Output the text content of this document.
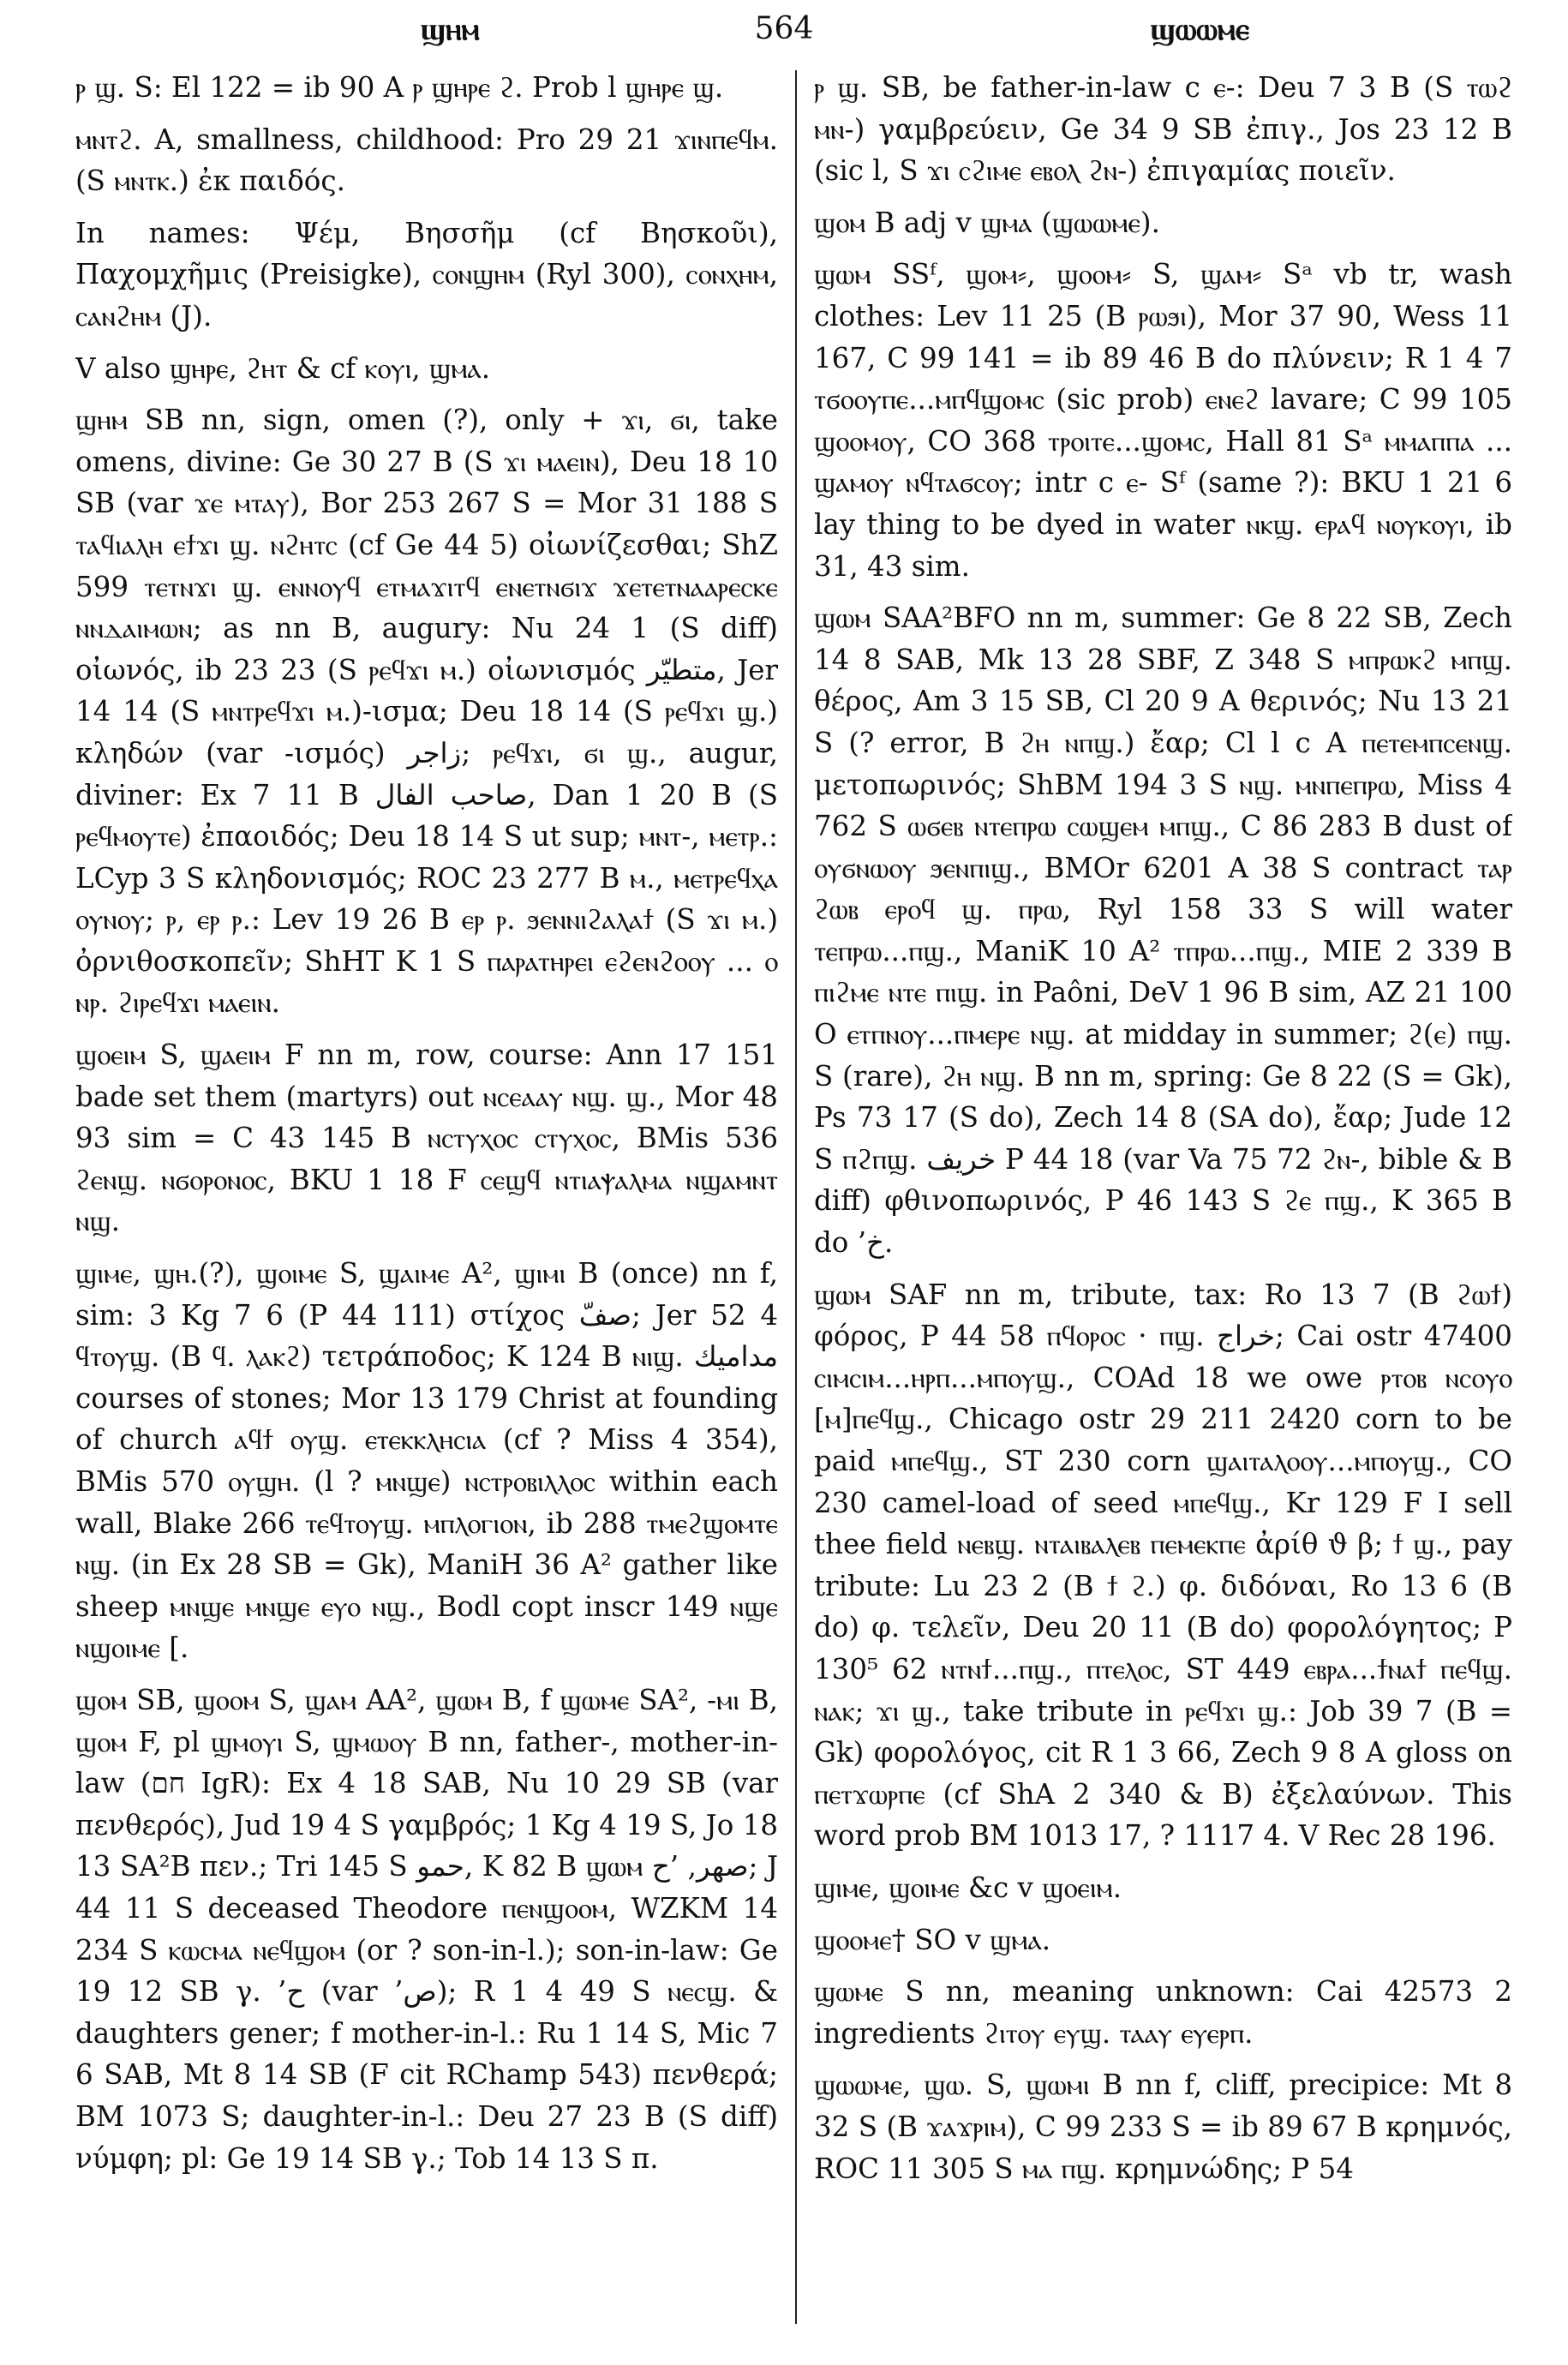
ϣⲏⲙ	564	ϣⲱⲱⲙⲉ

ⲣ ϣ. S: El 122 = ib 90 A ⲣ ϣⲏⲣⲉ ϩ. Prob l ϣⲏⲣⲉ ϣ.

ⲙⲛⲧϩ. A, smallness, childhood: Pro 29 21 ϫⲓⲛⲡⲉϥⲙ. (S ⲙⲛⲧⲕ.) ἐκ παιδός.

In names: Ψέμ, Βησσῆμ (cf Βησκοῦι), Παχομχῆμις (Preisigke), ⲥⲟⲛϣⲏⲙ (Ryl 300), ⲥⲟⲛⲭⲏⲙ, ⲥⲁⲛϩⲏⲙ (J).

V also ϣⲏⲣⲉ, ϩⲏⲧ & cf ⲕⲟⲩⲓ, ϣⲙⲁ.

ϣⲏⲙ SB nn, sign, omen (?), only + ϫⲓ, ϭⲓ, take omens, divine: Ge 30 27 B (S ϫⲓ ⲙⲁⲉⲓⲛ), Deu 18 10 SB (var ϫⲉ ⲙⲧⲁⲩ), Bor 253 267 S = Mor 31 188 S ⲧⲁϥⲓⲁⲗⲏ ⲉϯϫⲓ ϣ. ⲛϩⲏⲧⲥ (cf Ge 44 5) οἰωνίζεσθαι; ShZ 599 ⲧⲉⲧⲛϫⲓ ϣ. ⲉⲛⲛⲟⲩϥ ⲉⲧⲙⲁϫⲓⲧϥ ⲉⲛⲉⲧⲛϭⲓϫ ϫⲉⲧⲉⲧⲛⲁⲁⲣⲉⲥⲕⲉ ⲛⲛⲇⲁⲓⲙⲱⲛ; as nn B, augury: Nu 24 1 (S diff) οἰωνός, ib 23 23 (S ⲣⲉϥϫⲓ ⲙ.) οἰωνισμός متطيّر, Jer 14 14 (S ⲙⲛⲧⲣⲉϥϫⲓ ⲙ.)-ισμα; Deu 18 14 (S ⲣⲉϥϫⲓ ϣ.) κληδών (var -ισμός) زاجر; ⲣⲉϥϫⲓ, ϭⲓ ϣ., augur, diviner: Ex 7 11 B صاحب الفال, Dan 1 20 B (S ⲣⲉϥⲙⲟⲩⲧⲉ) ἐπαοιδός; Deu 18 14 S ut sup; ⲙⲛⲧ-, ⲙⲉⲧⲣ.: LCyp 3 S κληδονισμός; ROC 23 277 B ⲙ., ⲙⲉⲧⲣⲉϥⲭⲁ ⲟⲩⲛⲟⲩ; ⲣ, ⲉⲣ ⲣ.: Lev 19 26 B ⲉⲣ ⲣ. ϧⲉⲛⲛⲓϩⲁⲗⲁϯ (S ϫⲓ ⲙ.) ὀρνιθοσκοπεῖν; ShHT K 1 S ⲡⲁⲣⲁⲧⲏⲣⲉⲓ ⲉϩⲉⲛϩⲟⲟⲩ ... ⲟ ⲛⲣ. ϩⲓⲣⲉϥϫⲓ ⲙⲁⲉⲓⲛ.

ϣⲟⲉⲓⲙ S, ϣⲁⲉⲓⲙ F nn m, row, course: Ann 17 151 bade set them (martyrs) out ⲛⲥⲉⲁⲁⲩ ⲛϣ. ϣ., Mor 48 93 sim = C 43 145 B ⲛⲥⲧⲩⲭⲟⲥ ⲥⲧⲩⲭⲟⲥ, BMis 536 ϩⲉⲛϣ. ⲛϭⲟⲣⲟⲛⲟⲥ, BKU 1 18 F ⲥⲉϣϥ ⲛⲧⲓⲁⲯⲁⲗⲙⲁ ⲛϣⲁⲙⲛⲧ ⲛϣ.

ϣⲓⲙⲉ, ϣⲏ.(?), ϣⲟⲓⲙⲉ S, ϣⲁⲓⲙⲉ A², ϣⲓⲙⲓ B (once) nn f, sim: 3 Kg 7 6 (P 44 111) στίχος صفّ; Jer 52 4 ϥⲧⲟⲩϣ. (B ϥ. ⲗⲁⲕϩ) τετράποδος; K 124 B ⲛⲓϣ. مداميك courses of stones; Mor 13 179 Christ at founding of church ⲁϥϯ ⲟⲩϣ. ⲉⲧⲉⲕⲕⲗⲏⲥⲓⲁ (cf ? Miss 4 354), BMis 570 ⲟⲩϣⲏ. (l ? ⲙⲛϣⲉ) ⲛⲥⲧⲣⲟⲃⲓⲗⲗⲟⲥ within each wall, Blake 266 ⲧⲉϥⲧⲟⲩϣ. ⲙⲡⲗⲟⲅⲓⲟⲛ, ib 288 ⲧⲙⲉϩϣⲟⲙⲧⲉ ⲛϣ. (in Ex 28 SB = Gk), ManiH 36 A² gather like sheep ⲙⲛϣⲉ ⲙⲛϣⲉ ⲉⲩⲟ ⲛϣ., Bodl copt inscr 149 ⲛϣⲉ ⲛϣⲟⲓⲙⲉ [.

ϣⲟⲙ SB, ϣⲟⲟⲙ S, ϣⲁⲙ AA², ϣⲱⲙ B, f ϣⲱⲙⲉ SA², -ⲙⲓ B, ϣⲟⲙ F, pl ϣⲙⲟⲩⲓ S, ϣⲙⲱⲟⲩ B nn, father-, mother-in-law (חם IgR): Ex 4 18 SAB, Nu 10 29 SB (var πενθερός), Jud 19 4 S γαμβρός; 1 Kg 4 19 S, Jo 18 13 SA²B πεν.; Tri 145 S حمو, K 82 B ϣⲱⲙ صهر, ’ح; J 44 11 S deceased Theodore ⲡⲉⲛϣⲟⲟⲙ, WZKM 14 234 S ⲕⲱⲥⲙⲁ ⲛⲉϥϣⲟⲙ (or ? son-in-l.); son-in-law: Ge 19 12 SB γ. ’ح (var ’ص); R 1 4 49 S ⲛⲉⲥϣ. & daughters gener; f mother-in-l.: Ru 1 14 S, Mic 7 6 SAB, Mt 8 14 SB (F cit RChamp 543) πενθερά; BM 1073 S; daughter-in-l.: Deu 27 23 B (S diff) νύμφη; pl: Ge 19 14 SB γ.; Tob 14 13 S π.

ⲣ ϣ. SB, be father-in-law c ⲉ-: Deu 7 3 B (S ⲧⲱϩ ⲙⲛ-) γαμβρεύειν, Ge 34 9 SB ἐπιγ., Jos 23 12 B (sic l, S ϫⲓ ⲥϩⲓⲙⲉ ⲉⲃⲟⲗ ϩⲛ-) ἐπιγαμίας ποιεῖν.

ϣⲟⲙ B adj v ϣⲙⲁ (ϣⲱⲱⲙⲉ).

ϣⲱⲙ SSᶠ, ϣⲟⲙ⸗, ϣⲟⲟⲙ⸗ S, ϣⲁⲙ⸗ Sᵃ vb tr, wash clothes: Lev 11 25 (B ⲣⲱϧⲓ), Mor 37 90, Wess 11 167, C 99 141 = ib 89 46 B do πλύνειν; R 1 4 7 ⲧϭⲟⲟⲩⲡⲉ...ⲙⲡϥϣⲟⲙⲥ (sic prob) ⲉⲛⲉϩ lavare; C 99 105 ϣⲟⲟⲙⲟⲩ, CO 368 ⲧⲣⲟⲓⲧⲉ...ϣⲟⲙⲥ, Hall 81 Sᵃ ⲙⲙⲁⲡⲡⲁ ... ϣⲁⲙⲟⲩ ⲛϥⲧⲁϭⲥⲟⲩ; intr c ⲉ- Sᶠ (same ?): BKU 1 21 6 lay thing to be dyed in water ⲛⲕϣ. ⲉⲣⲁϥ ⲛⲟⲩⲕⲟⲩⲓ, ib 31, 43 sim.

ϣⲱⲙ SAA²BFO nn m, summer: Ge 8 22 SB, Zech 14 8 SAB, Mk 13 28 SBF, Z 348 S ⲙⲡⲣⲱⲕϩ ⲙⲡϣ. θέρος, Am 3 15 SB, Cl 20 9 A θερινός; Nu 13 21 S (? error, B ϩⲏ ⲛⲡϣ.) ἔαρ; Cl l c A ⲡⲉⲧⲉⲙⲡⲥⲉⲛϣ. μετοπωρινός; ShBM 194 3 S ⲛϣ. ⲙⲛⲡⲉⲡⲣⲱ, Miss 4 762 S ⲱϭⲉⲃ ⲛⲧⲉⲡⲣⲱ ⲥⲱϣⲉⲙ ⲙⲡϣ., C 86 283 B dust of ⲟⲩϭⲛⲱⲟⲩ ϧⲉⲛⲡⲓϣ., BMOr 6201 A 38 S contract ⲧⲁⲣ ϩⲱⲃ ⲉⲣⲟϥ ϣ. ⲡⲣⲱ, Ryl 158 33 S will water ⲧⲉⲡⲣⲱ...ⲡϣ., ManiK 10 A² ⲧⲡⲣⲱ...ⲡϣ., MIE 2 339 B ⲡⲓϩⲙⲉ ⲛⲧⲉ ⲡⲓϣ. in Paôni, DeV 1 96 B sim, AZ 21 100 O ⲉⲧⲡⲛⲟⲩ...ⲡⲙⲉⲣⲉ ⲛϣ. at midday in summer; ϩ(ⲉ) ⲡϣ. S (rare), ϩⲏ ⲛϣ. B nn m, spring: Ge 8 22 (S = Gk), Ps 73 17 (S do), Zech 14 8 (SA do), ἔαρ; Jude 12 S ⲡϩⲡϣ. خريف P 44 18 (var Va 75 72 ϩⲛ-, bible & B diff) φθινοπωρινός, P 46 143 S ϩⲉ ⲡϣ., K 365 B do ’خ.

ϣⲱⲙ SAF nn m, tribute, tax: Ro 13 7 (B ϩⲱϯ) φόρος, P 44 58 ⲡϥⲟⲣⲟⲥ · ⲡϣ. خراج; Cai ostr 47400 ⲥⲓⲙⲥⲓⲙ...ⲏⲣⲡ...ⲙⲡⲟⲩϣ., COAd 18 we owe ⲣⲧⲟⲃ ⲛⲥⲟⲩⲟ [ⲙ]ⲡⲉϥϣ., Chicago ostr 29 211 2420 corn to be paid ⲙⲡⲉϥϣ., ST 230 corn ϣⲁⲓⲧⲁⲗⲟⲟⲩ...ⲙⲡⲟⲩϣ., CO 230 camel-load of seed ⲙⲡⲉϥϣ., Kr 129 F I sell thee field ⲛⲉⲃϣ. ⲛⲧⲁⲓⲃⲁⲗⲉⲃ ⲡⲉⲙⲉⲕⲡⲉ ἀρίθ ϑ β; ϯ ϣ., pay tribute: Lu 23 2 (B ϯ ϩ.) φ. διδόναι, Ro 13 6 (B do) φ. τελεῖν, Deu 20 11 (B do) φορολόγητος; P 130⁵ 62 ⲛⲧⲛϯ...ⲡϣ., ⲡⲧⲉⲗⲟⲥ, ST 449 ⲉⲃⲣⲁ...ϯⲛⲁϯ ⲡⲉϥϣ. ⲛⲁⲕ; ϫⲓ ϣ., take tribute in ⲣⲉϥϫⲓ ϣ.: Job 39 7 (B = Gk) φορολόγος, cit R 1 3 66, Zech 9 8 A gloss on ⲡⲉⲧϫⲱⲣⲡⲉ (cf ShA 2 340 & B) ἐξελαύνων. This word prob BM 1013 17, ? 1117 4. V Rec 28 196.

ϣⲓⲙⲉ, ϣⲟⲓⲙⲉ &c v ϣⲟⲉⲓⲙ.

ϣⲟⲟⲙⲉ† SO v ϣⲙⲁ.

ϣⲱⲙⲉ S nn, meaning unknown: Cai 42573 2 ingredients ϩⲓⲧⲟⲩ ⲉⲩϣ. ⲧⲁⲁⲩ ⲉⲩⲉⲣⲡ.

ϣⲱⲱⲙⲉ, ϣⲱ. S, ϣⲱⲙⲓ B nn f, cliff, precipice: Mt 8 32 S (B ϫⲁϫⲣⲓⲙ), C 99 233 S = ib 89 67 B κρημνός, ROC 11 305 S ⲙⲁ ⲡϣ. κρημνώδης; P 54
